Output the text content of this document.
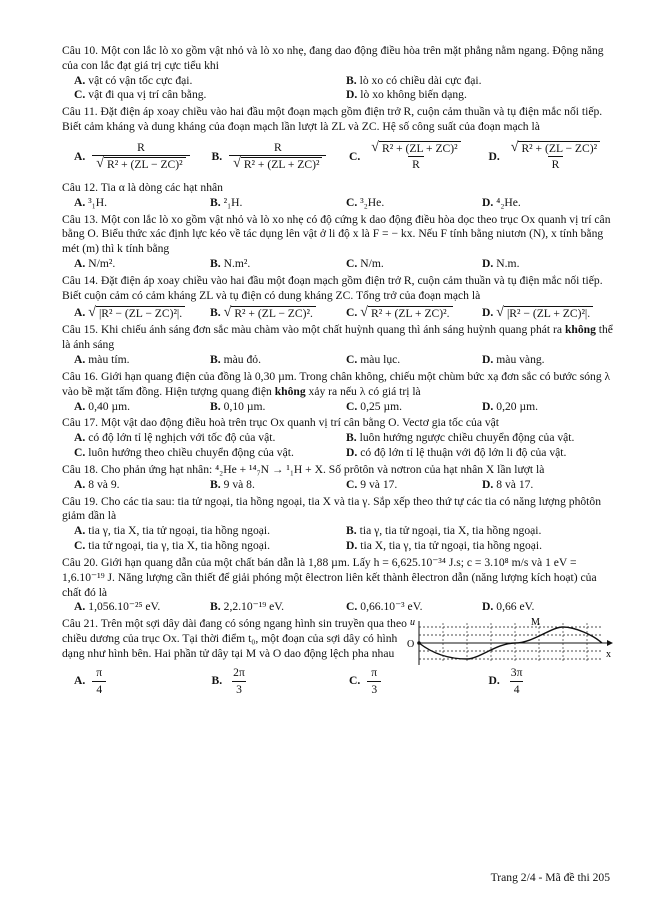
Câu 10. Một con lắc lò xo gồm vật nhỏ và lò xo nhẹ, đang dao động điều hòa trên mặt phẳng nằm ngang. Động năng của con lắc đạt giá trị cực tiểu khi
A. vật có vận tốc cực đại.	B. lò xo có chiều dài cực đại.
C. vật đi qua vị trí cân bằng.	D. lò xo không biến dạng.
Câu 11. Đặt điện áp xoay chiều vào hai đầu một đoạn mạch gồm điện trở R, cuộn cảm thuần và tụ điện mắc nối tiếp. Biết cảm kháng và dung kháng của đoạn mạch lần lượt là ZL và ZC. Hệ số công suất của đoạn mạch là
A. $\frac{R}{\text{√ R² + (ZL − ZC)²}} B$. $\frac{R}{\text{√ R² + (ZL + ZC)²}} C$. $\frac{\text{√ R² + (ZL + ZC)²}}{R} D$. $\frac{\text{√ R² + (ZL − ZC)²}}{R}$
Câu 12. Tia α là dòng các hạt nhân
A. ³₁H.	B. ²₁H.	C. ³₂He.	D. ⁴₂He.
Câu 13. Một con lắc lò xo gồm vật nhỏ và lò xo nhẹ có độ cứng k dao động điều hòa dọc theo trục Ox quanh vị trí cân bằng O. Biểu thức xác định lực kéo về tác dụng lên vật ở li độ x là F = − kx. Nếu F tính bằng niutơn (N), x tính bằng mét (m) thì k tính bằng
A. N/m².	B. N.m².	C. N/m.	D. N.m.
Câu 14. Đặt điện áp xoay chiều vào hai đầu một đoạn mạch gồm điện trở R, cuộn cảm thuần và tụ điện mắc nối tiếp. Biết cuộn cảm có cảm kháng ZL và tụ điện có dung kháng ZC. Tổng trở của đoạn mạch là
A. √ |R² − (ZL − ZC)²|. B. √ R² + (ZL − ZC)².	C. √ R² + (ZL + ZC)².	D. √ |R² − (ZL + ZC)²|.
Câu 15. Khi chiếu ánh sáng đơn sắc màu chàm vào một chất huỳnh quang thì ánh sáng huỳnh quang phát ra không thể là ánh sáng
A. màu tím.	B. màu đỏ.	C. màu lục.	D. màu vàng.
Câu 16. Giới hạn quang điện của đồng là 0,30 µm. Trong chân không, chiếu một chùm bức xạ đơn sắc có bước sóng λ vào bề mặt tấm đồng. Hiện tượng quang điện không xảy ra nếu λ có giá trị là
A. 0,40 µm.	B. 0,10 µm.	C. 0,25 µm.	D. 0,20 µm.
Câu 17. Một vật dao động điều hoà trên trục Ox quanh vị trí cân bằng O. Vectơ gia tốc của vật
A. có độ lớn tỉ lệ nghịch với tốc độ của vật.	B. luôn hướng ngược chiều chuyển động của vật.
C. luôn hướng theo chiều chuyển động của vật.	D. có độ lớn tỉ lệ thuận với độ lớn li độ của vật.
Câu 18. Cho phản ứng hạt nhân: ⁴₂He + ¹⁴₇N → ¹₁H + X. Số prôtôn và nơtron của hạt nhân X lần lượt là
A. 8 và 9.	B. 9 và 8.	C. 9 và 17.	D. 8 và 17.
Câu 19. Cho các tia sau: tia tử ngoại, tia hồng ngoại, tia X và tia γ. Sắp xếp theo thứ tự các tia có năng lượng phôtôn giảm dần là
A. tia γ, tia X, tia tử ngoại, tia hồng ngoại.	B. tia γ, tia tử ngoại, tia X, tia hồng ngoại.
C. tia tử ngoại, tia γ, tia X, tia hồng ngoại.	D. tia X, tia γ, tia tử ngoại, tia hồng ngoại.
Câu 20. Giới hạn quang dẫn của một chất bán dẫn là 1,88 µm. Lấy h = 6,625.10⁻³⁴ J.s; c = 3.10⁸ m/s và 1 eV = 1,6.10⁻¹⁹ J. Năng lượng cần thiết để giải phóng một êlectron liên kết thành êlectron dẫn (năng lượng kích hoạt) của chất đó là
A. 1,056.10⁻²⁵ eV.	B. 2,2.10⁻¹⁹ eV.	C. 0,66.10⁻³ eV.	D. 0,66 eV.
Câu 21. Trên một sợi dây dài đang có sóng ngang hình sin truyền qua theo chiều dương của trục Ox. Tại thời điểm t₀, một đoạn của sợi dây có hình dạng như hình bên. Hai phần tử dây tại M và O dao động lệch pha nhau
u
O
M
x
A. $\frac{\pi}{4}$	B. $\frac{2\pi}{3}$	C. $\frac{\pi}{3}$	D. $\frac{3\pi}{4}$
Trang 2/4 - Mã đề thi 205
